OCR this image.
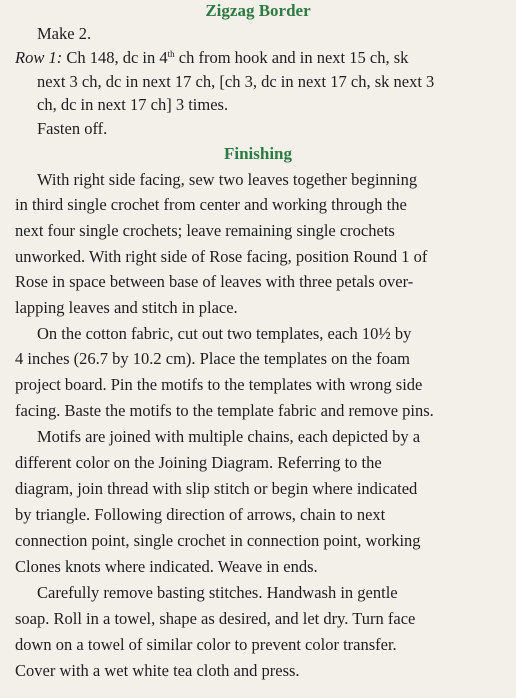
Zigzag Border
Make 2.
Row 1: Ch 148, dc in 4th ch from hook and in next 15 ch, sk
next 3 ch, dc in next 17 ch, [ch 3, dc in next 17 ch, sk next 3
ch, dc in next 17 ch] 3 times.
Fasten off.
Finishing
With right side facing, sew two leaves together beginning
in third single crochet from center and working through the
next four single crochets; leave remaining single crochets
unworked. With right side of Rose facing, position Round 1 of
Rose in space between base of leaves with three petals over-
lapping leaves and stitch in place.
On the cotton fabric, cut out two templates, each 10½ by
4 inches (26.7 by 10.2 cm). Place the templates on the foam
project board. Pin the motifs to the templates with wrong side
facing. Baste the motifs to the template fabric and remove pins.
Motifs are joined with multiple chains, each depicted by a
different color on the Joining Diagram. Referring to the
diagram, join thread with slip stitch or begin where indicated
by triangle. Following direction of arrows, chain to next
connection point, single crochet in connection point, working
Clones knots where indicated. Weave in ends.
Carefully remove basting stitches. Handwash in gentle
soap. Roll in a towel, shape as desired, and let dry. Turn face
down on a towel of similar color to prevent color transfer.
Cover with a wet white tea cloth and press.
